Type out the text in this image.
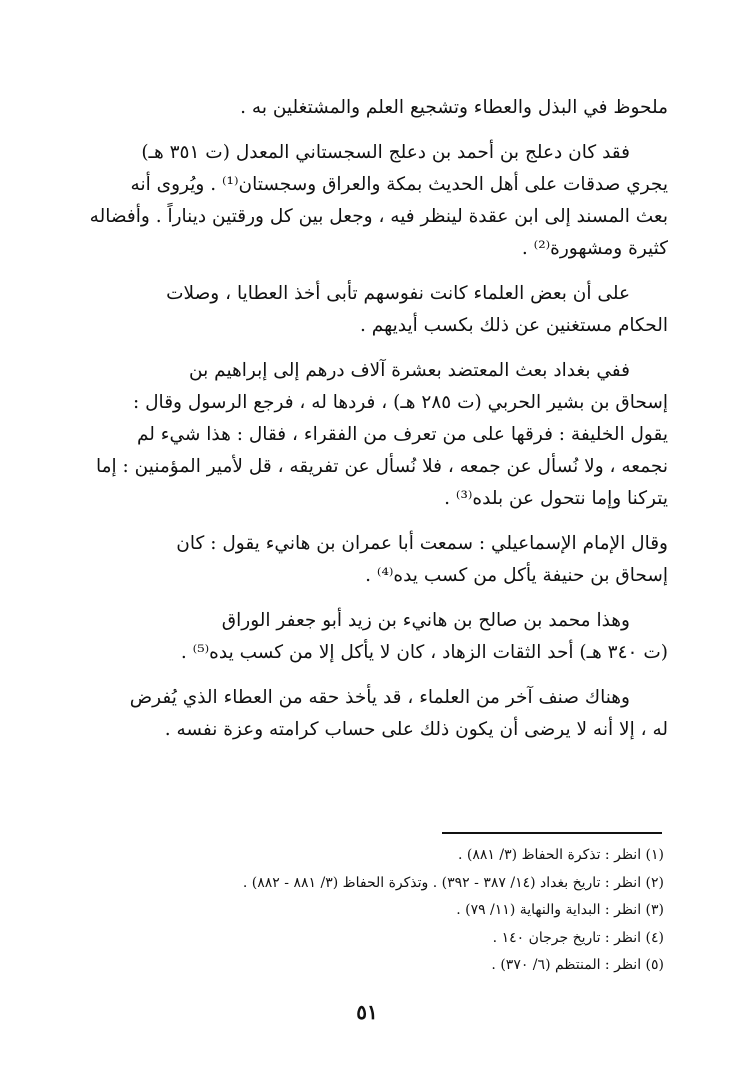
ملحوظ في البذل والعطاء وتشجيع العلم والمشتغلين به .
فقد كان دعلج بن أحمد بن دعلج السجستاني المعدل (ت ٣٥١ هـ)
يجري صدقات على أهل الحديث بمكة والعراق وسجستان⁽¹⁾ . ويُروى أنه
بعث المسند إلى ابن عقدة لينظر فيه ، وجعل بين كل ورقتين ديناراً . وأفضاله
كثيرة ومشهورة⁽²⁾ .
على أن بعض العلماء كانت نفوسهم تأبى أخذ العطايا ، وصلات
الحكام مستغنين عن ذلك بكسب أيديهم .
ففي بغداد بعث المعتضد بعشرة آلاف درهم إلى إبراهيم بن
إسحاق بن بشير الحربي (ت ٢٨٥ هـ) ، فردها له ، فرجع الرسول وقال :
يقول الخليفة : فرقها على من تعرف من الفقراء ، فقال : هذا شيء لم
نجمعه ، ولا نُسأل عن جمعه ، فلا نُسأل عن تفريقه ، قل لأمير المؤمنين : إما
يتركنا وإما نتحول عن بلده⁽³⁾ .
وقال الإمام الإسماعيلي : سمعت أبا عمران بن هانيء يقول : كان
إسحاق بن حنيفة يأكل من كسب يده⁽⁴⁾ .
وهذا محمد بن صالح بن هانيء بن زيد أبو جعفر الوراق
(ت ٣٤٠ هـ) أحد الثقات الزهاد ، كان لا يأكل إلا من كسب يده⁽⁵⁾ .
وهناك صنف آخر من العلماء ، قد يأخذ حقه من العطاء الذي يُفرض
له ، إلا أنه لا يرضى أن يكون ذلك على حساب كرامته وعزة نفسه .
(١) انظر : تذكرة الحفاظ (٣/ ٨٨١) .
(٢) انظر : تاريخ بغداد (١٤/ ٣٨٧ - ٣٩٢) . وتذكرة الحفاظ (٣/ ٨٨١ - ٨٨٢) .
(٣) انظر : البداية والنهاية (١١/ ٧٩) .
(٤) انظر : تاريخ جرجان ١٤٠ .
(٥) انظر : المنتظم (٦/ ٣٧٠) .
٥١
